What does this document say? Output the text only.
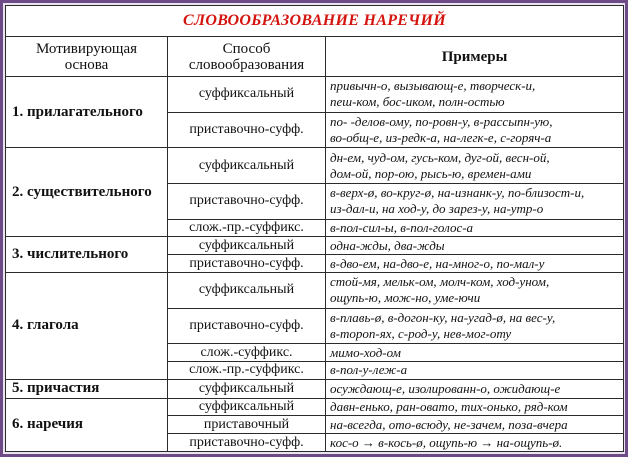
СЛОВООБРАЗОВАНИЕ НАРЕЧИЙ		
Мотивирующая
основа	Способ
словообразования	Примеры
1. прилагательного	суффиксальный	привычн-о, вызывающ-е, творческ-и,
пеш-ком, бос-иком, полн-остью

	приставочно-суфф.	по- -делов-ому, по-ровн-у, в-рассыпн-ую,
во-общ-е, из-редк-а, на-легк-е, с-горяч-а

2. существительного	суффиксальный	дн-ем, чуд-ом, гусь-ком, дуг-ой, весн-ой,
дом-ой, пор-ою, рысь-ю, времен-ами

	приставочно-суфф.	в-верх-ø, во-круг-ø, на-изнанк-у, по-близост-и,
из-дал-и, на ход-у, до зарез-у, на-утр-о

	слож.-пр.-суффикс.	в-пол-сил-ы, в-пол-голос-а

3. числительного	суффиксальный	одна-жды, два-жды

	приставочно-суфф.	в-дво-ем, на-дво-е, на-мног-о, по-мал-у

4. глагола	суффиксальный	стой-мя, мельк-ом, молч-ком, ход-уном,
ощупь-ю, мож-но, уме-ючи

	приставочно-суфф.	в-плавь-ø, в-догон-ку, на-угад-ø, на вес-у,
в-тороп-ях, с-род-у, нев-мог-оту

	слож.-суффикс.	мимо-ход-ом

	слож.-пр.-суффикс.	в-пол-у-леж-а

5. причастия	суффиксальный	осуждающ-е, изолированн-о, ожидающ-е

6. наречия	суффиксальный	давн-енько, ран-овато, тих-онько, ряд-ком

	приставочный	на-всегда, ото-всюду, не-зачем, поза-вчера

	приставочно-суфф.	кос-о → в-кось-ø, ощупь-ю → на-ощупь-ø.
